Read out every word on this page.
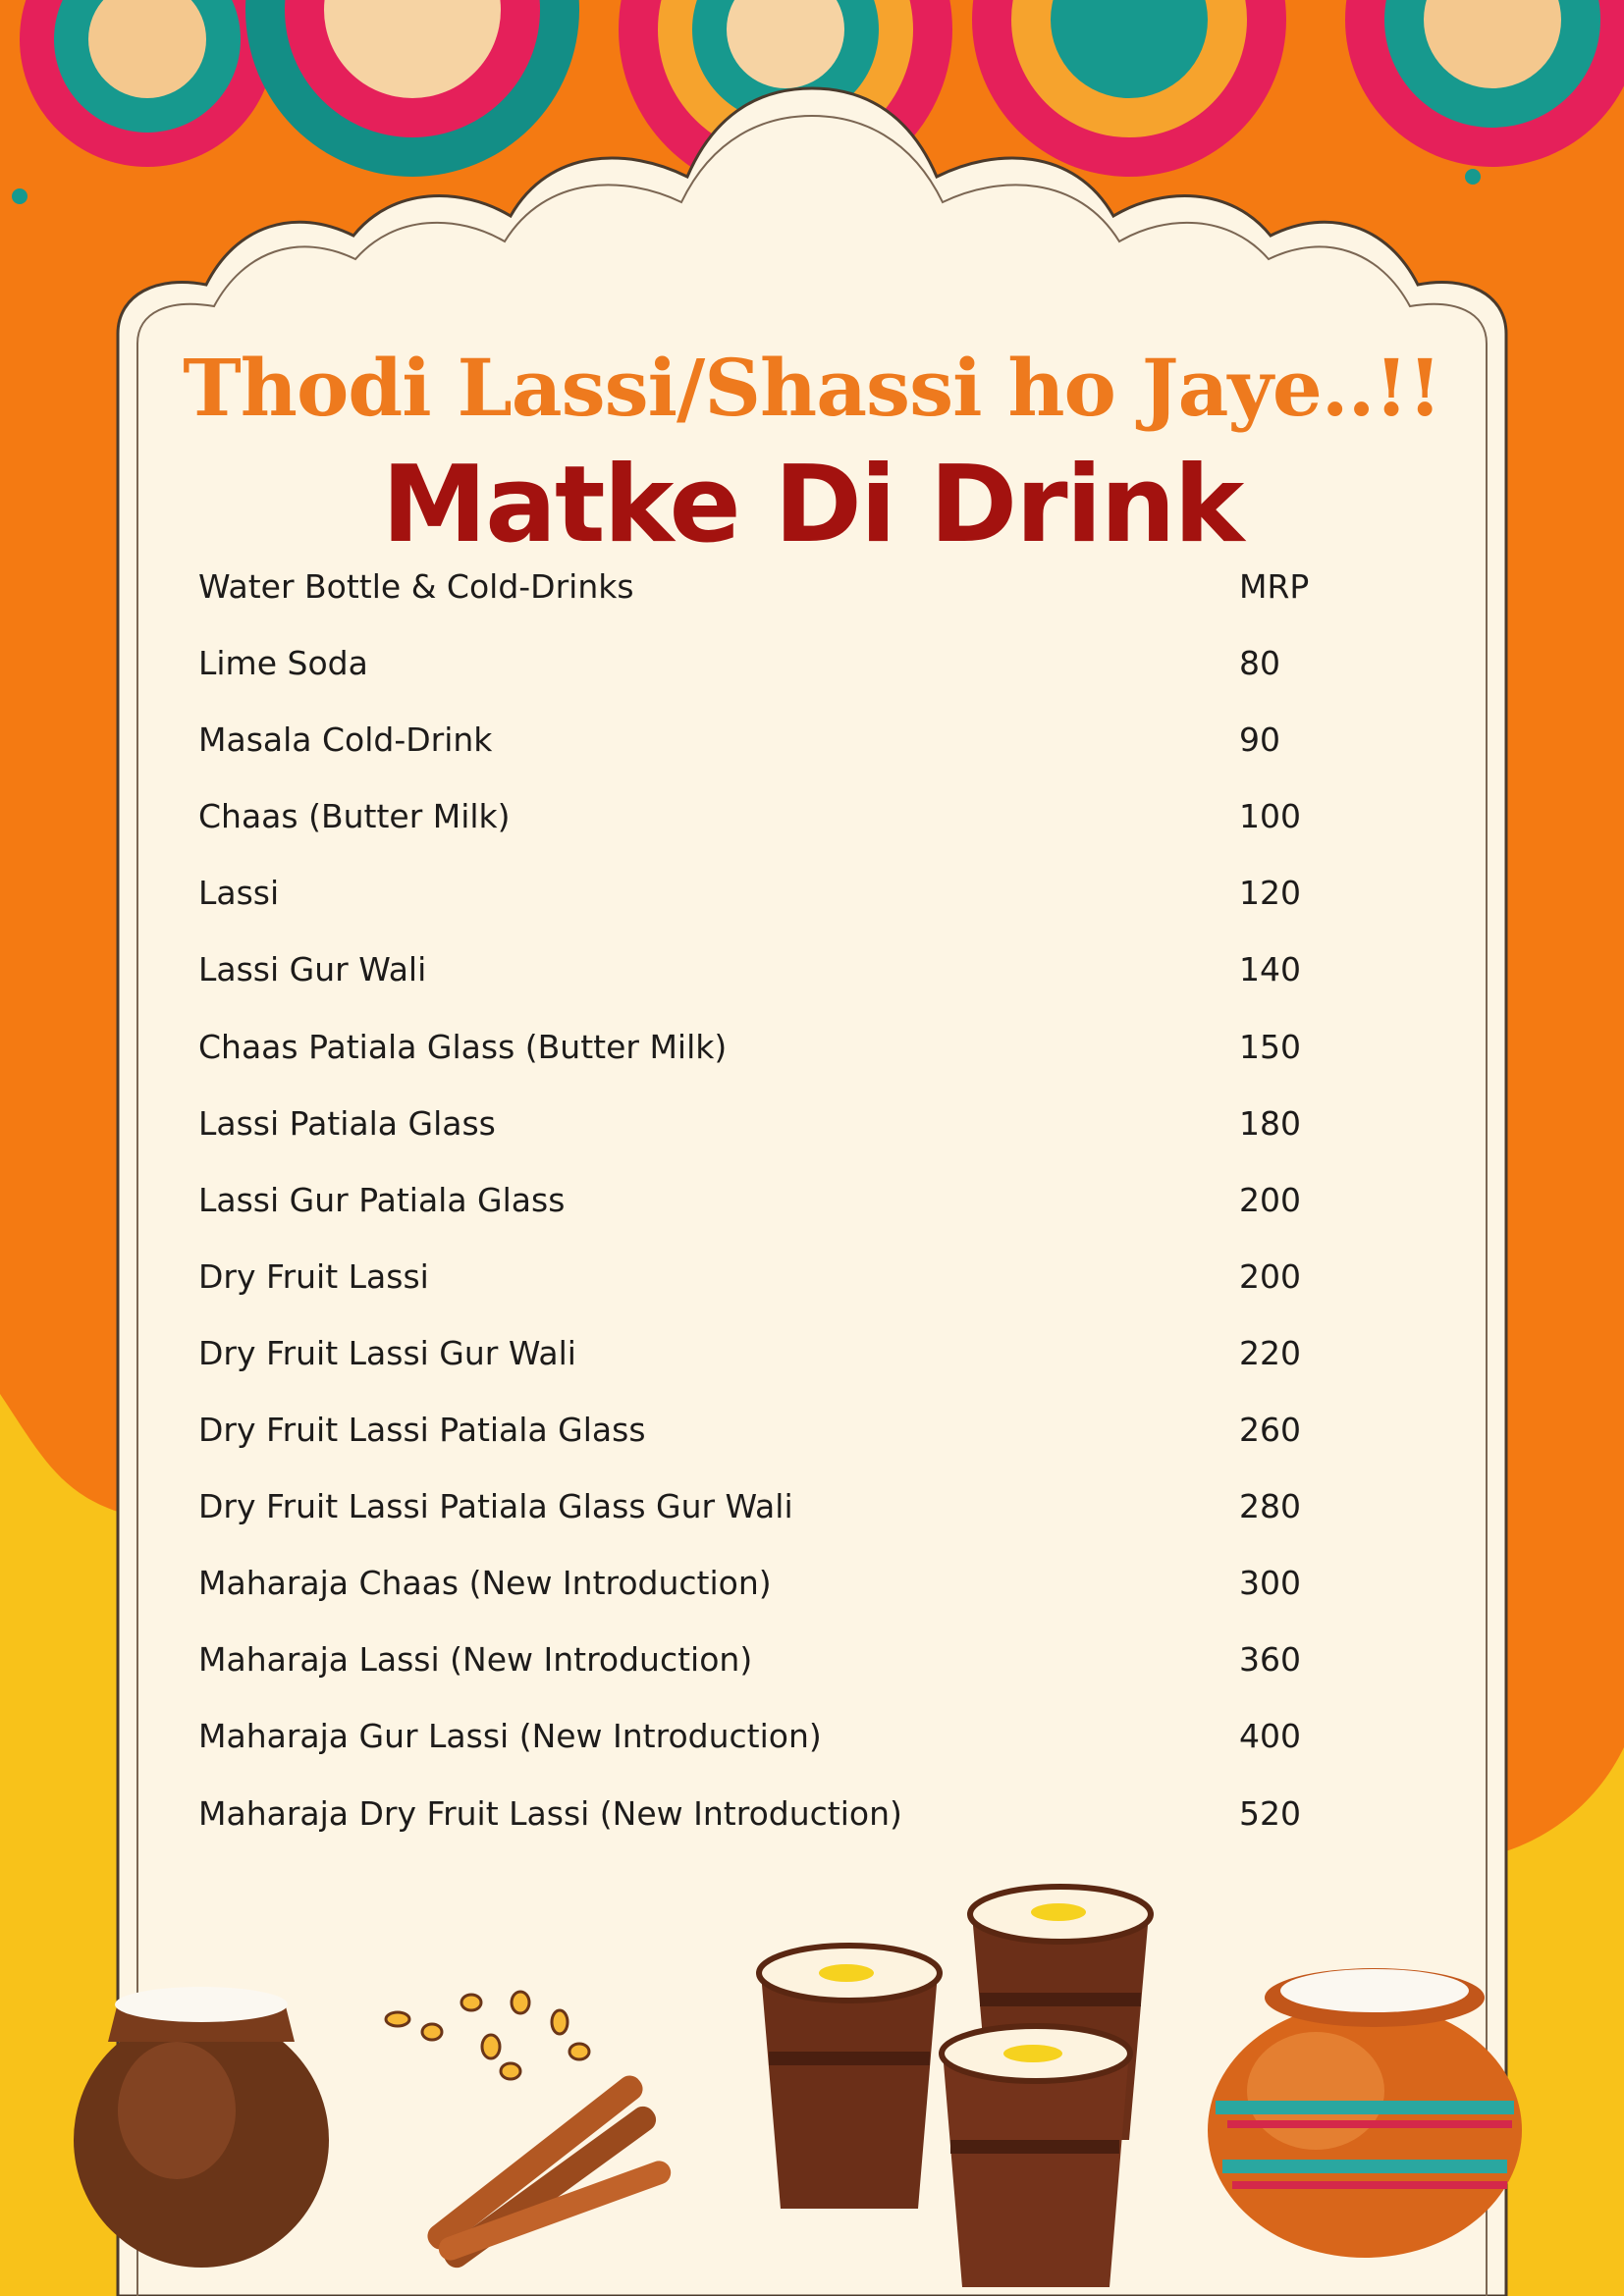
Thodi Lassi/Shassi ho Jaye..!!
Matke Di Drink
Water Bottle & Cold-Drinks	MRP
Lime Soda	80
Masala Cold-Drink	90
Chaas (Butter Milk)	100
Lassi	120
Lassi Gur Wali	140
Chaas Patiala Glass (Butter Milk)	150
Lassi Patiala Glass	180
Lassi Gur Patiala Glass	200
Dry Fruit Lassi	200
Dry Fruit Lassi Gur Wali	220
Dry Fruit Lassi Patiala Glass	260
Dry Fruit Lassi Patiala Glass Gur Wali	280
Maharaja Chaas (New Introduction)	300
Maharaja Lassi (New Introduction)	360
Maharaja Gur Lassi (New Introduction)	400
Maharaja Dry Fruit Lassi (New Introduction)	520
